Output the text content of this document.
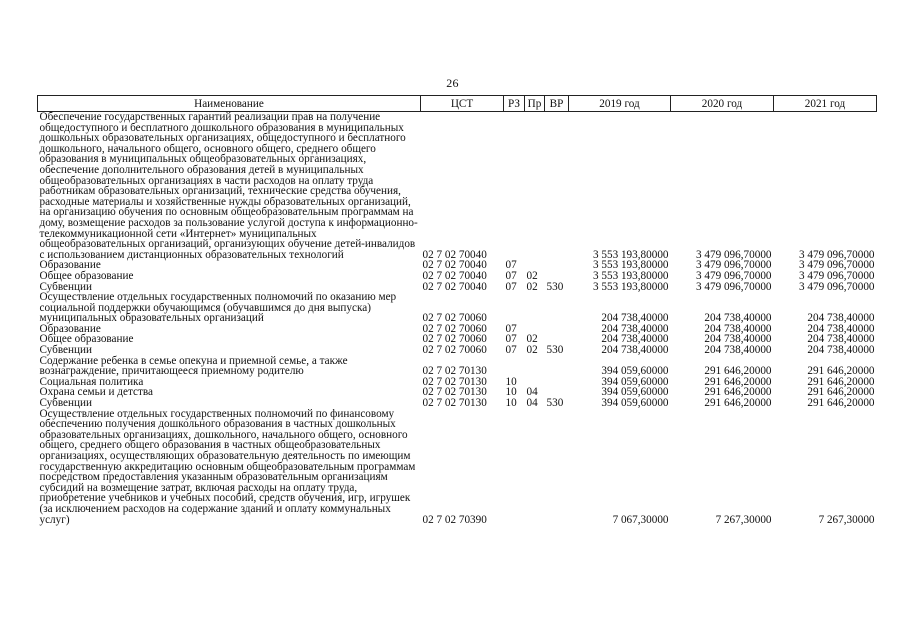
26
Наименование	ЦСТ	РЗ	Пр	ВР	2019 год	2020 год	2021 год
Обеспечение государственных гарантий реализации прав на получение общедоступного и бесплатного дошкольного образования в муниципальных дошкольных образовательных организациях, общедоступного и бесплатного дошкольного, начального общего, основного общего, среднего общего образования в муниципальных общеобразовательных организациях, обеспечение дополнительного образования детей в муниципальных общеобразовательных организациях в части расходов на оплату труда работникам образовательных организаций, технические средства обучения, расходные материалы и хозяйственные нужды образовательных организаций, на организацию обучения по основным общеобразовательным программам на дому, возмещение расходов за пользование услугой доступа к информационно-телекоммуникационной сети «Интернет» муниципальных общеобразовательных организаций, организующих обучение детей-инвалидов с использованием дистанционных образовательных технологий	02 7 02 70040				3 553 193,80000	3 479 096,70000	3 479 096,70000
Образование	02 7 02 70040	07			3 553 193,80000	3 479 096,70000	3 479 096,70000
Общее образование	02 7 02 70040	07	02		3 553 193,80000	3 479 096,70000	3 479 096,70000
Субвенции	02 7 02 70040	07	02	530	3 553 193,80000	3 479 096,70000	3 479 096,70000
Осуществление отдельных государственных полномочий по оказанию мер социальной поддержки обучающимся (обучавшимся до дня выпуска) муниципальных образовательных организаций	02 7 02 70060				204 738,40000	204 738,40000	204 738,40000
Образование	02 7 02 70060	07			204 738,40000	204 738,40000	204 738,40000
Общее образование	02 7 02 70060	07	02		204 738,40000	204 738,40000	204 738,40000
Субвенции	02 7 02 70060	07	02	530	204 738,40000	204 738,40000	204 738,40000
Содержание ребенка в семье опекуна и приемной семье, а также вознаграждение, причитающееся приемному родителю	02 7 02 70130				394 059,60000	291 646,20000	291 646,20000
Социальная политика	02 7 02 70130	10			394 059,60000	291 646,20000	291 646,20000
Охрана семьи и детства	02 7 02 70130	10	04		394 059,60000	291 646,20000	291 646,20000
Субвенции	02 7 02 70130	10	04	530	394 059,60000	291 646,20000	291 646,20000
Осуществление отдельных государственных полномочий по финансовому обеспечению получения дошкольного образования в частных дошкольных образовательных организациях, дошкольного, начального общего, основного общего, среднего общего образования в частных общеобразовательных организациях, осуществляющих образовательную деятельность по имеющим государственную аккредитацию основным общеобразовательным программам посредством предоставления указанным образовательным организациям субсидий на возмещение затрат, включая расходы на оплату труда, приобретение учебников и учебных пособий, средств обучения, игр, игрушек (за исключением расходов на содержание зданий и оплату коммунальных услуг)	02 7 02 70390				7 067,30000	7 267,30000	7 267,30000
